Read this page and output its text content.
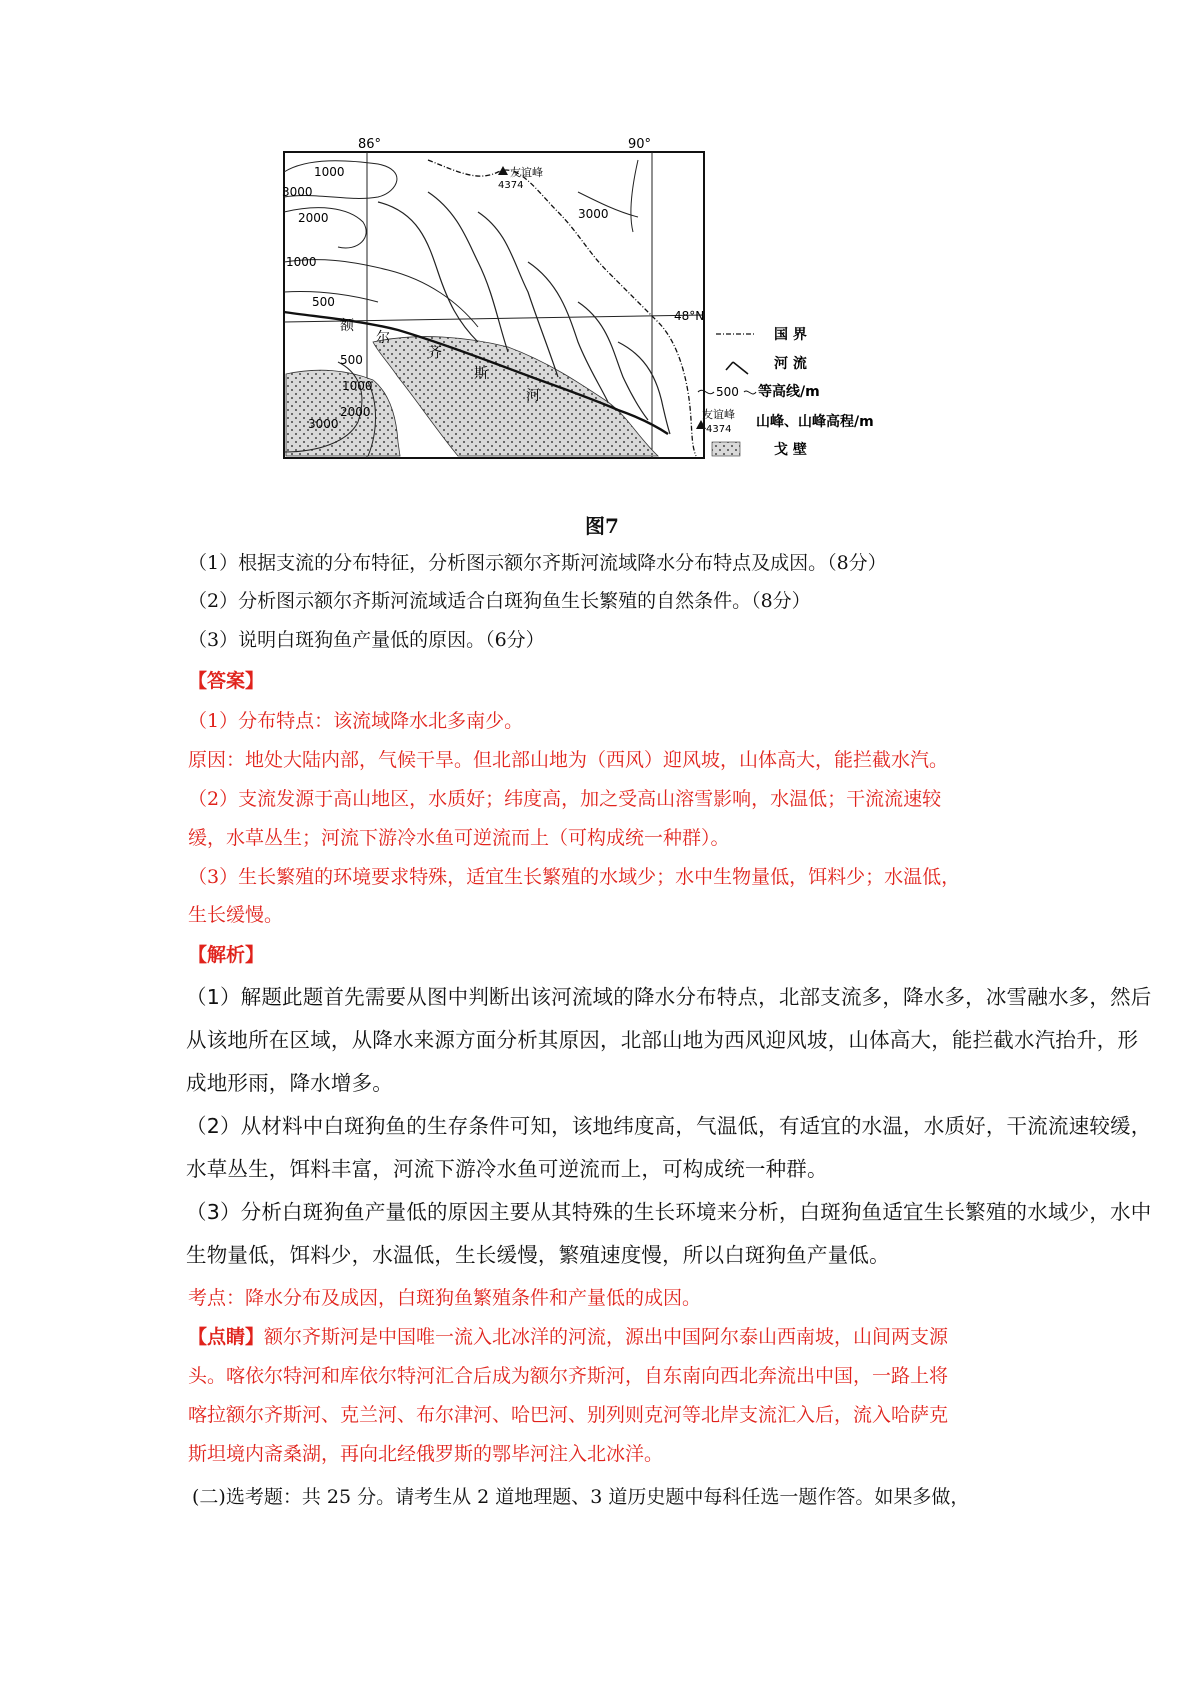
86°	90°
48°N
友谊峰
4374
1000
3000
2000
1000
500
500
1000
2000
3000
3000
额
尔
齐
斯
河
国 界
河 流
500 等高线/m
友谊峰
4374 山峰、山峰高程/m
戈 壁
图7
（1）根据支流的分布特征，分析图示额尔齐斯河流域降水分布特点及成因。（8分）
（2）分析图示额尔齐斯河流域适合白斑狗鱼生长繁殖的自然条件。（8分）
（3）说明白斑狗鱼产量低的原因。（6分）
【答案】
（1）分布特点：该流域降水北多南少。
原因：地处大陆内部，气候干旱。但北部山地为（西风）迎风坡，山体高大，能拦截水汽。
（2）支流发源于高山地区，水质好；纬度高，加之受高山溶雪影响，水温低；干流流速较
缓，水草丛生；河流下游冷水鱼可逆流而上（可构成统一种群）。
（3）生长繁殖的环境要求特殊，适宜生长繁殖的水域少；水中生物量低，饵料少；水温低，
生长缓慢。
【解析】
（1）解题此题首先需要从图中判断出该河流域的降水分布特点，北部支流多，降水多，冰雪融水多，然后
从该地所在区域，从降水来源方面分析其原因，北部山地为西风迎风坡，山体高大，能拦截水汽抬升，形
成地形雨，降水增多。
（2）从材料中白斑狗鱼的生存条件可知，该地纬度高，气温低，有适宜的水温，水质好，干流流速较缓，
水草丛生，饵料丰富，河流下游冷水鱼可逆流而上，可构成统一种群。
（3）分析白斑狗鱼产量低的原因主要从其特殊的生长环境来分析，白斑狗鱼适宜生长繁殖的水域少，水中
生物量低，饵料少，水温低，生长缓慢，繁殖速度慢，所以白斑狗鱼产量低。
考点：降水分布及成因，白斑狗鱼繁殖条件和产量低的成因。
【点睛】额尔齐斯河是中国唯一流入北冰洋的河流，源出中国阿尔泰山西南坡，山间两支源
头。喀依尔特河和库依尔特河汇合后成为额尔齐斯河，自东南向西北奔流出中国，一路上将
喀拉额尔齐斯河、克兰河、布尔津河、哈巴河、别列则克河等北岸支流汇入后，流入哈萨克
斯坦境内斋桑湖，再向北经俄罗斯的鄂毕河注入北冰洋。
(二)选考题：共 25 分。请考生从 2 道地理题、3 道历史题中每科任选一题作答。如果多做，
